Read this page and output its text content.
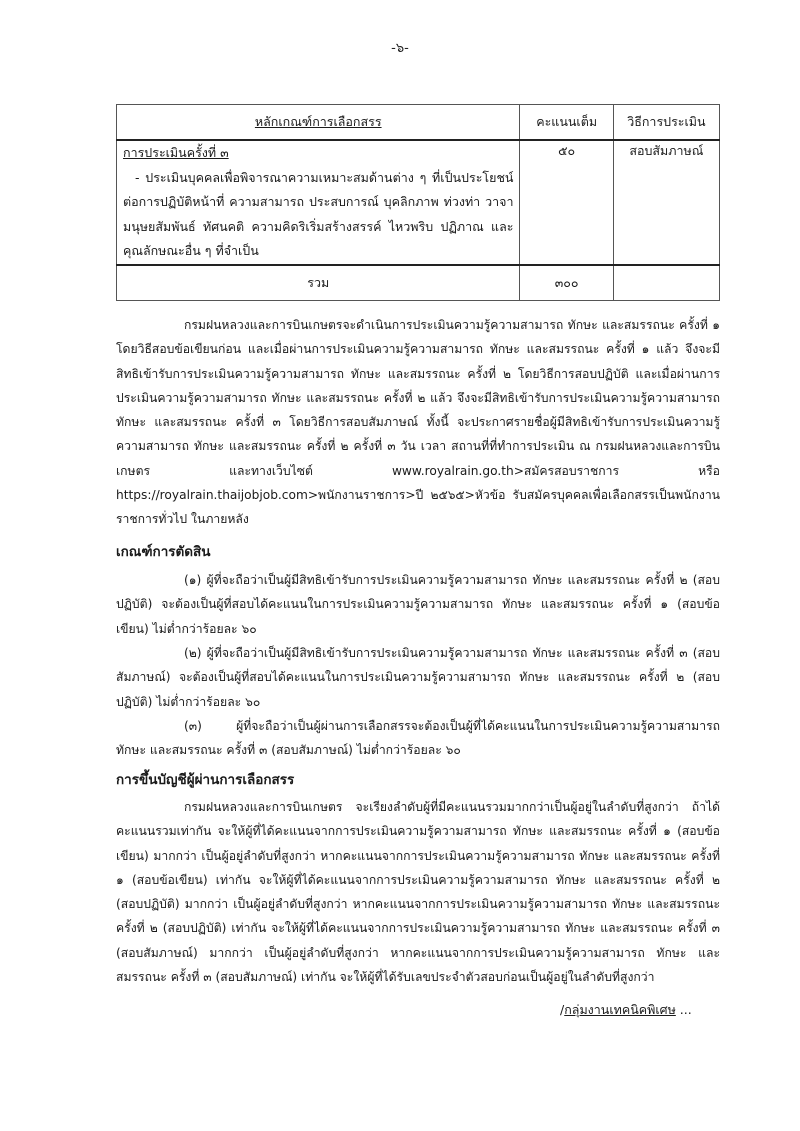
-๖-
หลักเกณฑ์การเลือกสรร	คะแนนเต็ม	วิธีการประเมิน

การประเมินครั้งที่ ๓
- ประเมินบุคคลเพื่อพิจารณาความเหมาะสมด้านต่าง ๆ ที่เป็นประโยชน์ต่อการปฏิบัติหน้าที่ ความสามารถ ประสบการณ์ บุคลิกภาพ ท่วงท่า วาจา มนุษยสัมพันธ์ ทัศนคติ ความคิดริเริ่มสร้างสรรค์ ไหวพริบ ปฏิภาณ และคุณลักษณะอื่น ๆ ที่จำเป็น	๕๐	สอบสัมภาษณ์
รวม	๓๐๐	
กรมฝนหลวงและการบินเกษตรจะดำเนินการประเมินความรู้ความสามารถ ทักษะ และสมรรถนะ ครั้งที่ ๑ โดยวิธีสอบข้อเขียนก่อน และเมื่อผ่านการประเมินความรู้ความสามารถ ทักษะ และสมรรถนะ ครั้งที่ ๑ แล้ว จึงจะมีสิทธิเข้ารับการประเมินความรู้ความสามารถ ทักษะ และสมรรถนะ ครั้งที่ ๒ โดยวิธีการสอบปฏิบัติ และเมื่อผ่านการประเมินความรู้ความสามารถ ทักษะ และสมรรถนะ ครั้งที่ ๒ แล้ว จึงจะมีสิทธิเข้ารับการประเมินความรู้ความสามารถ ทักษะ และสมรรถนะ ครั้งที่ ๓ โดยวิธีการสอบสัมภาษณ์ ทั้งนี้ จะประกาศรายชื่อผู้มีสิทธิเข้ารับการประเมินความรู้ความสามารถ ทักษะ และสมรรถนะ ครั้งที่ ๒ ครั้งที่ ๓ วัน เวลา สถานที่ที่ทำการประเมิน ณ กรมฝนหลวงและการบินเกษตร และทางเว็บไซต์ www.royalrain.go.th>สมัครสอบราชการ หรือ https://royalrain.thaijobjob.com>พนักงานราชการ>ปี ๒๕๖๕>หัวข้อ รับสมัครบุคคลเพื่อเลือกสรรเป็นพนักงานราชการทั่วไป ในภายหลัง
เกณฑ์การตัดสิน
(๑) ผู้ที่จะถือว่าเป็นผู้มีสิทธิเข้ารับการประเมินความรู้ความสามารถ ทักษะ และสมรรถนะ ครั้งที่ ๒ (สอบปฏิบัติ) จะต้องเป็นผู้ที่สอบได้คะแนนในการประเมินความรู้ความสามารถ ทักษะ และสมรรถนะ ครั้งที่ ๑ (สอบข้อเขียน) ไม่ต่ำกว่าร้อยละ ๖๐
(๒) ผู้ที่จะถือว่าเป็นผู้มีสิทธิเข้ารับการประเมินความรู้ความสามารถ ทักษะ และสมรรถนะ ครั้งที่ ๓ (สอบสัมภาษณ์) จะต้องเป็นผู้ที่สอบได้คะแนนในการประเมินความรู้ความสามารถ ทักษะ และสมรรถนะ ครั้งที่ ๒ (สอบปฏิบัติ) ไม่ต่ำกว่าร้อยละ ๖๐
(๓) ผู้ที่จะถือว่าเป็นผู้ผ่านการเลือกสรรจะต้องเป็นผู้ที่ได้คะแนนในการประเมินความรู้ความสามารถ ทักษะ และสมรรถนะ ครั้งที่ ๓ (สอบสัมภาษณ์) ไม่ต่ำกว่าร้อยละ ๖๐
การขึ้นบัญชีผู้ผ่านการเลือกสรร
กรมฝนหลวงและการบินเกษตร จะเรียงลำดับผู้ที่มีคะแนนรวมมากกว่าเป็นผู้อยู่ในลำดับที่สูงกว่า ถ้าได้คะแนนรวมเท่ากัน จะให้ผู้ที่ได้คะแนนจากการประเมินความรู้ความสามารถ ทักษะ และสมรรถนะ ครั้งที่ ๑ (สอบข้อเขียน) มากกว่า เป็นผู้อยู่ลำดับที่สูงกว่า หากคะแนนจากการประเมินความรู้ความสามารถ ทักษะ และสมรรถนะ ครั้งที่ ๑ (สอบข้อเขียน) เท่ากัน จะให้ผู้ที่ได้คะแนนจากการประเมินความรู้ความสามารถ ทักษะ และสมรรถนะ ครั้งที่ ๒ (สอบปฏิบัติ) มากกว่า เป็นผู้อยู่ลำดับที่สูงกว่า หากคะแนนจากการประเมินความรู้ความสามารถ ทักษะ และสมรรถนะ ครั้งที่ ๒ (สอบปฏิบัติ) เท่ากัน จะให้ผู้ที่ได้คะแนนจากการประเมินความรู้ความสามารถ ทักษะ และสมรรถนะ ครั้งที่ ๓ (สอบสัมภาษณ์) มากกว่า เป็นผู้อยู่ลำดับที่สูงกว่า หากคะแนนจากการประเมินความรู้ความสามารถ ทักษะ และสมรรถนะ ครั้งที่ ๓ (สอบสัมภาษณ์) เท่ากัน จะให้ผู้ที่ได้รับเลขประจำตัวสอบก่อนเป็นผู้อยู่ในลำดับที่สูงกว่า
/กลุ่มงานเทคนิคพิเศษ ...
